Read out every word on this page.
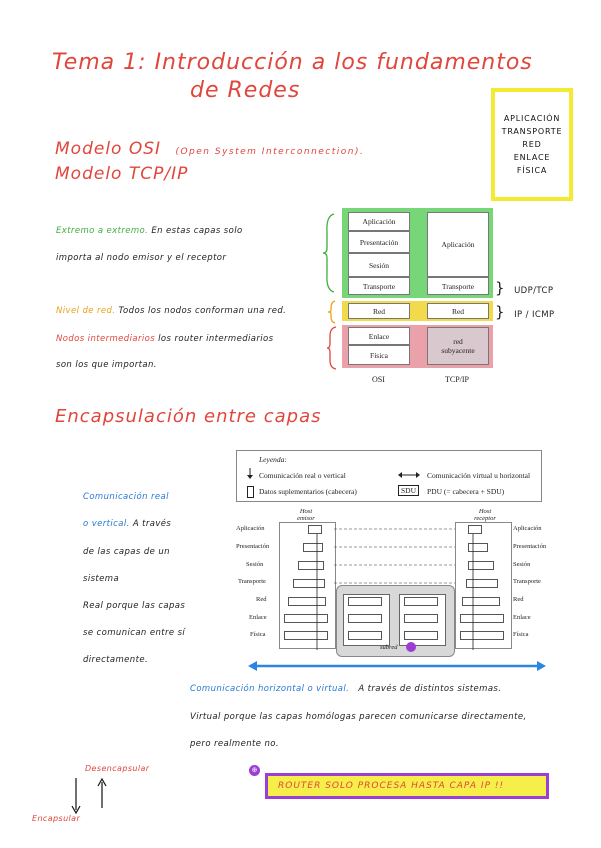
Tema 1: Introducción a los fundamentos
de Redes
Modelo OSI (Open System Interconnection).
Modelo TCP/IP
APLICACIÓN
TRANSPORTE
RED
ENLACE
FÍSICA
Extremo a extremo. En estas capas solo
importa al nodo emisor y el receptor
Nivel de red. Todos los nodos conforman una red.
Nodos intermediarios los router intermediarios
son los que importan.
Aplicación
Presentación
Sesión
Transporte
Red
Enlace
Física
Aplicación
Transporte
Red
red subyacente
OSI	TCP/IP
} UDP/TCP
} IP / ICMP
Encapsulación entre capas
Comunicación real
o vertical. A través
de las capas de un
sistema
Real porque las capas
se comunican entre sí
directamente.
Leyenda:
Comunicación real o vertical	Comunicación virtual u horizontal
Datos suplementarios (cabecera)	SDU	PDU (= cabecera + SDU)
Host emisor
Host receptor
subred
Aplicación
Presentación
Sesión
Transporte
Red
Enlace
Física
Aplicación
Presentación
Sesión
Transporte
Red
Enlace
Física
Comunicación horizontal o virtual. A través de distintos sistemas.
Virtual porque las capas homólogas parecen comunicarse directamente,
pero realmente no.
Desencapsular
Encapsular
⊕
ROUTER SOLO PROCESA HASTA CAPA IP !!
